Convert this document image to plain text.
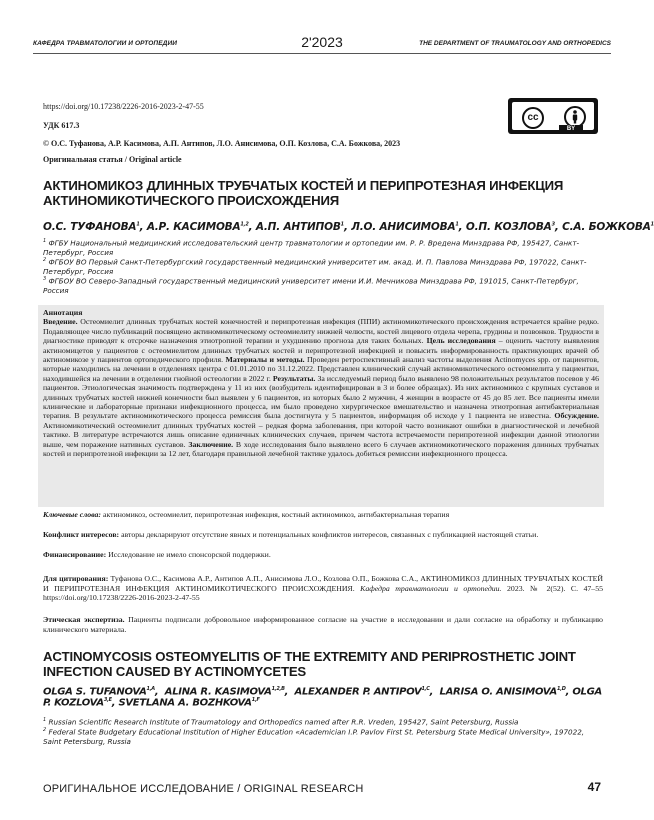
КАФЕДРА ТРАВМАТОЛОГИИ И ОРТОПЕДИИ	2'2023	THE DEPARTMENT OF TRAUMATOLOGY AND ORTHOPEDICS
https://doi.org/10.17238/2226-2016-2023-2-47-55
УДК 617.3
© О.С. Туфанова, А.Р. Касимова, А.П. Антипов, Л.О. Анисимова, О.П. Козлова, С.А. Божкова, 2023
Оригинальная статья / Original article
cc
BY
АКТИНОМИКОЗ ДЛИННЫХ ТРУБЧАТЫХ КОСТЕЙ И ПЕРИПРОТЕЗНАЯ ИНФЕКЦИЯ АКТИНОМИКОТИЧЕСКОГО ПРОИСХОЖДЕНИЯ
О.С. ТУФАНОВА$^1$, А.Р. КАСИМОВА$^{1,2}$, А.П. АНТИПОВ$^1$, Л.О. АНИСИМОВА$^1$, О.П. КОЗЛОВА$^3$, С.А. БОЖКОВА$^1$
$^1$ ФГБУ Национальный медицинский исследовательский центр травматологии и ортопедии им. Р. Р. Вредена Минздрава РФ, 195427, Санкт-Петербург, Россия
$^2$ ФГБОУ ВО Первый Санкт-Петербургский государственный медицинский университет им. акад. И. П. Павлова Минздрава РФ, 197022, Санкт-Петербург, Россия
$^3$ ФГБОУ ВО Северо-Западный государственный медицинский университет имени И.И. Мечникова Минздрава РФ, 191015, Санкт-Петербург, Россия
Аннотация
Введение. Остеомиелит длинных трубчатых костей конечностей и перипротезная инфекция (ППИ) актиномикотического происхождения встречается крайне редко. Подавляющее число публикаций посвящено актиномикотическому остеомиелиту нижней челюсти, костей лицевого отдела черепа, грудины и позвонков. Трудности в диагностике приводят к отсрочке назначения этиотропной терапии и ухудшению прогноза для таких больных. Цель исследования – оценить частоту выявления актиномицетов у пациентов с остеомиелитом длинных трубчатых костей и перипротезной инфекцией и повысить информированность практикующих врачей об актиномикозе у пациентов ортопедического профиля. Материалы и методы. Проведен ретроспективный анализ частоты выделения Actinomyces spp. от пациентов, которые находились на лечении в отделениях центра с 01.01.2010 по 31.12.2022. Представлен клинический случай актиномикотического остеомиелита у пациентки, находившейся на лечении в отделении гнойной остеологии в 2022 г. Результаты. За исследуемый период было выявлено 98 положительных результатов посевов у 46 пациентов. Этиологическая значимость подтверждена у 11 из них (возбудитель идентифицирован в 3 и более образцах). Из них актиномикоз с крупных суставов и длинных трубчатых костей нижней конечности был выявлен у 6 пациентов, из которых было 2 мужчин, 4 женщин в возрасте от 45 до 85 лет. Все пациенты имели клинические и лабораторные признаки инфекционного процесса, им было проведено хирургическое вмешательство и назначена этиотропная антибактериальная терапия. В результате актиномикотического процесса ремиссия была достигнута у 5 пациентов, информация об исходе у 1 пациента не известна. Обсуждение. Актиномикотический остеомиелит длинных трубчатых костей – редкая форма заболевания, при которой часто возникают ошибки в диагностической и лечебной тактике. В литературе встречаются лишь описание единичных клинических случаев, причем частота встречаемости перипротезной инфекции данной этиологии выше, чем поражение нативных суставов. Заключение. В ходе исследования было выявлено всего 6 случаев актиномикотического поражения длинных трубчатых костей и перипротезной инфекции за 12 лет, благодаря правильной лечебной тактике удалось добиться ремиссии инфекционного процесса.
Ключевые слова: актиномикоз, остеомиелит, перипротезная инфекция, костный актиномикоз, антибактериальная терапия
Конфликт интересов: авторы декларируют отсутствие явных и потенциальных конфликтов интересов, связанных с публикацией настоящей статьи.
Финансирование: Исследование не имело спонсорской поддержки.
Для цитирования: Туфанова О.С., Касимова А.Р., Антипов А.П., Анисимова Л.О., Козлова О.П., Божкова С.А., АКТИНОМИКОЗ ДЛИННЫХ ТРУБЧАТЫХ КОСТЕЙ И ПЕРИПРОТЕЗНАЯ ИНФЕКЦИЯ АКТИНОМИКОТИЧЕСКОГО ПРОИСХОЖДЕНИЯ. Кафедра травматологии и ортопедии. 2023. № 2(52). С. 47–55 https://doi.org/10.17238/2226-2016-2023-2-47-55
Этическая экспертиза. Пациенты подписали добровольное информированное согласие на участие в исследовании и дали согласие на обработку и публикацию клинического материала.
ACTINOMYCOSIS OSTEOMYELITIS OF THE EXTREMITY AND PERIPROSTHETIC JOINT INFECTION CAUSED BY ACTINOMYCETES
OLGA S. $TUFANOVA^{1,A}$,  ALINA R. $KASIMOVA^{1,2,B}$,  ALEXANDER P. $ANTIPOV^{1,C}$,  LARISA O. $ANISIMOVA^{1,D}$, OLGA P. $KOZLOVA^{3,E}$, SVETLANA A. $BOZHKOVA^{1,F}$
$^1$ Russian Scientific Research Institute of Traumatology and Orthopedics named after R.R. Vreden, 195427, Saint Petersburg, Russia
$^2$ Federal State Budgetary Educational Institution of Higher Education «Academician I.P. Pavlov First St. Petersburg State Medical University», 197022, Saint Petersburg, Russia
ОРИГИНАЛЬНОЕ ИССЛЕДОВАНИЕ / ORIGINAL RESEARCH	47
